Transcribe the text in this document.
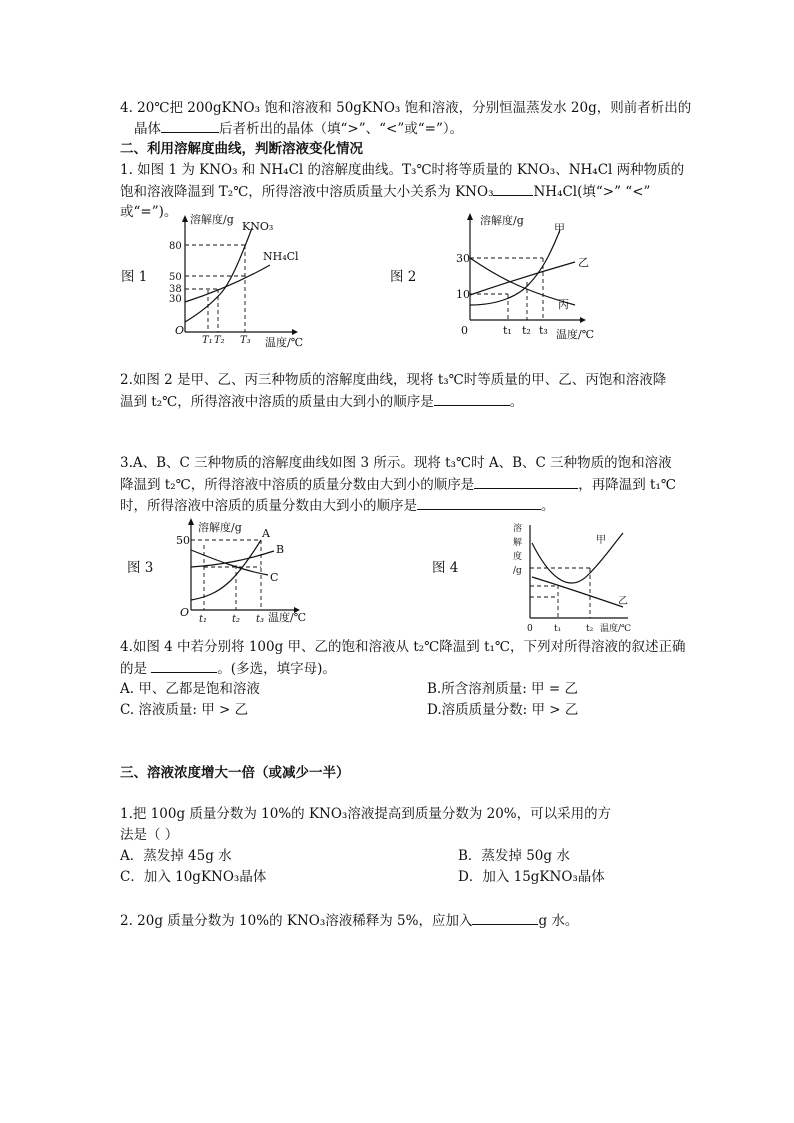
4. 20℃把 200gKNO₃ 饱和溶液和 50gKNO₃ 饱和溶液，分别恒温蒸发水 20g，则前者析出的
晶体	后者析出的晶体（填“>”、“<”或“=”）。
二、利用溶解度曲线，判断溶液变化情况
1. 如图 1 为 KNO₃ 和 NH₄Cl 的溶解度曲线。T₃℃时将等质量的 KNO₃、NH₄Cl 两种物质的
饱和溶液降温到 T₂℃，所得溶液中溶质质量大小关系为 KNO₃	NH₄Cl(填“>” “<”
或“=”)。
图 1
溶解度/g
温度/℃
O
KNO₃
NH₄Cl
80
50
38
30
T₁ T₂ T₃
图 2
溶解度/g
温度/℃
0
甲
乙
丙
30
10
t₁ t₂ t₃
2.如图 2 是甲、乙、丙三种物质的溶解度曲线，现将 t₃℃时等质量的甲、乙、丙饱和溶液降
温到 t₂℃，所得溶液中溶质的质量由大到小的顺序是	。
3.A、B、C 三种物质的溶解度曲线如图 3 所示。现将 t₃℃时 A、B、C 三种物质的饱和溶液
降温到 t₂℃，所得溶液中溶质的质量分数由大到小的顺序是	，再降温到 t₁℃
时，所得溶液中溶质的质量分数由大到小的顺序是	。
图 3
溶解度/g
温度/℃
O
A
B
C
50
t₁ t₂ t₃
图 4
溶
解
度
/g
温度/℃
0
甲
乙
t₁	t₂
4.如图 4 中若分别将 100g 甲、乙的饱和溶液从 t₂℃降温到 t₁℃，下列对所得溶液的叙述正确
的是	。(多选，填字母)。
A. 甲、乙都是饱和溶液	B.所含溶剂质量: 甲 = 乙
C. 溶液质量: 甲 > 乙	D.溶质质量分数: 甲 > 乙
三、溶液浓度增大一倍（或减少一半）
1.把 100g 质量分数为 10%的 KNO₃溶液提高到质量分数为 20%，可以采用的方
法是（ ）
A．蒸发掉 45g 水	B．蒸发掉 50g 水
C．加入 10gKNO₃晶体	D．加入 15gKNO₃晶体
2. 20g 质量分数为 10%的 KNO₃溶液稀释为 5%，应加入	g 水。
